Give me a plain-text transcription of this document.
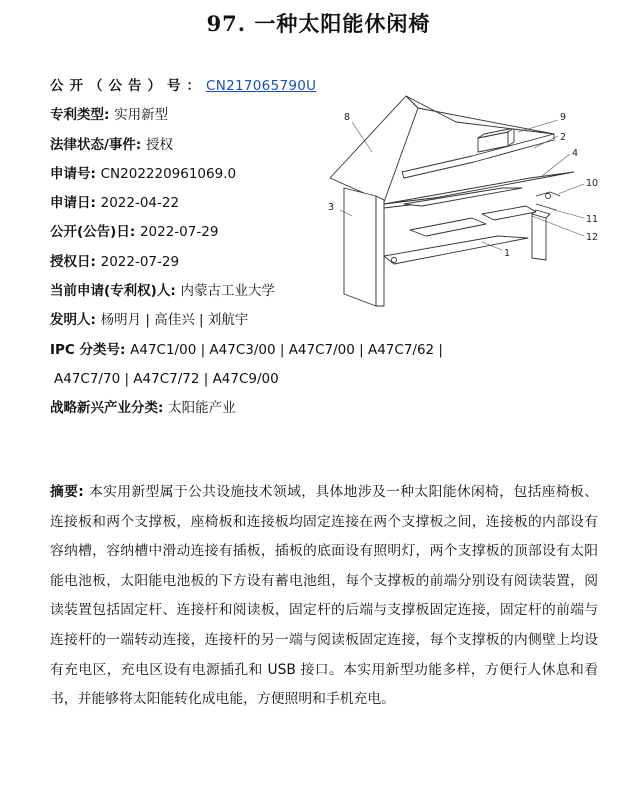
97. 一种太阳能休闲椅
公开（公告）号：CN217065790U
专利类型: 实用新型
法律状态/事件: 授权
申请号: CN202220961069.0
申请日: 2022-04-22
公开(公告)日: 2022-07-29
授权日: 2022-07-29
当前申请(专利权)人: 内蒙古工业大学
发明人: 杨明月 | 高佳兴 | 刘航宇
IPC 分类号: A47C1/00 | A47C3/00 | A47C7/00 | A47C7/62 |
A47C7/70 | A47C7/72 | A47C9/00
战略新兴产业分类: 太阳能产业
8	9
2
4
3
10
11
12
1
摘要: 本实用新型属于公共设施技术领域，具体地涉及一种太阳能休闲椅，包括座椅板、连接板和两个支撑板，座椅板和连接板均固定连接在两个支撑板之间，连接板的内部设有容纳槽，容纳槽中滑动连接有插板，插板的底面设有照明灯，两个支撑板的顶部设有太阳能电池板，太阳能电池板的下方设有蓄电池组，每个支撑板的前端分别设有阅读装置，阅读装置包括固定杆、连接杆和阅读板，固定杆的后端与支撑板固定连接，固定杆的前端与连接杆的一端转动连接，连接杆的另一端与阅读板固定连接，每个支撑板的内侧壁上均设有充电区，充电区设有电源插孔和 USB 接口。本实用新型功能多样，方便行人休息和看书，并能够将太阳能转化成电能，方便照明和手机充电。
